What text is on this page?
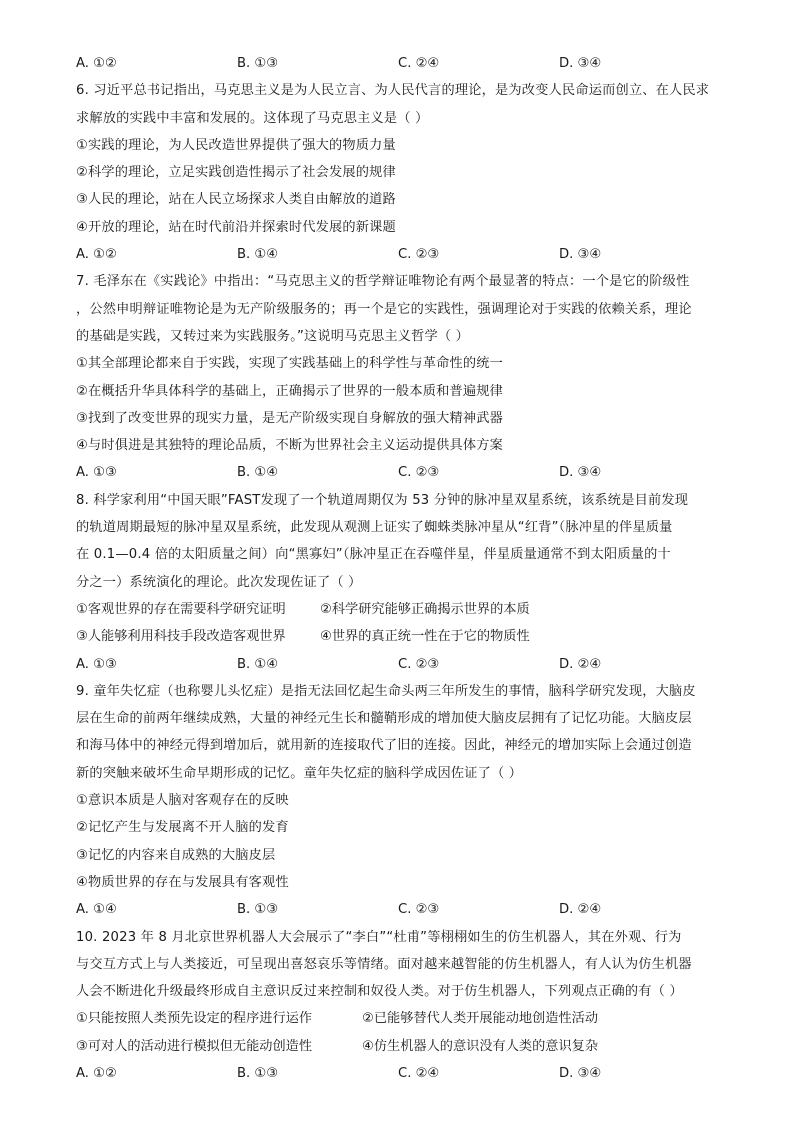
A. ①②	B. ①③	C. ②④	D. ③④
6. 习近平总书记指出，马克思主义是为人民立言、为人民代言的理论，是为改变人民命运而创立、在人民求
求解放的实践中丰富和发展的。这体现了马克思主义是（ ）
①实践的理论，为人民改造世界提供了强大的物质力量
②科学的理论，立足实践创造性揭示了社会发展的规律
③人民的理论，站在人民立场探求人类自由解放的道路
④开放的理论，站在时代前沿并探索时代发展的新课题
A. ①②	B. ①④	C. ②③	D. ③④
7. 毛泽东在《实践论》中指出：“马克思主义的哲学辩证唯物论有两个最显著的特点：一个是它的阶级性
，公然申明辩证唯物论是为无产阶级服务的；再一个是它的实践性，强调理论对于实践的依赖关系，理论
的基础是实践，又转过来为实践服务。”这说明马克思主义哲学（ ）
①其全部理论都来自于实践，实现了实践基础上的科学性与革命性的统一
②在概括升华具体科学的基础上，正确揭示了世界的一般本质和普遍规律
③找到了改变世界的现实力量，是无产阶级实现自身解放的强大精神武器
④与时俱进是其独特的理论品质，不断为世界社会主义运动提供具体方案
A. ①③	B. ①④	C. ②③	D. ③④
8. 科学家利用“中国天眼”FAST发现了一个轨道周期仅为 53 分钟的脉冲星双星系统，该系统是目前发现
的轨道周期最短的脉冲星双星系统，此发现从观测上证实了蜘蛛类脉冲星从“红背”（脉冲星的伴星质量
在 0.1—0.4 倍的太阳质量之间）向“黑寡妇”（脉冲星正在吞噬伴星，伴星质量通常不到太阳质量的十
分之一）系统演化的理论。此次发现佐证了（ ）
①客观世界的存在需要科学研究证明	②科学研究能够正确揭示世界的本质
③人能够利用科技手段改造客观世界	④世界的真正统一性在于它的物质性
A. ①③	B. ①④	C. ②③	D. ②④
9. 童年失忆症（也称婴儿头忆症）是指无法回忆起生命头两三年所发生的事情，脑科学研究发现，大脑皮
层在生命的前两年继续成熟，大量的神经元生长和髓鞘形成的增加使大脑皮层拥有了记忆功能。大脑皮层
和海马体中的神经元得到增加后，就用新的连接取代了旧的连接。因此，神经元的增加实际上会通过创造
新的突触来破坏生命早期形成的记忆。童年失忆症的脑科学成因佐证了（ ）
①意识本质是人脑对客观存在的反映
②记忆产生与发展离不开人脑的发育
③记忆的内容来自成熟的大脑皮层
④物质世界的存在与发展具有客观性
A. ①④	B. ①③	C. ②③	D. ②④
10. 2023 年 8 月北京世界机器人大会展示了“李白”“杜甫”等栩栩如生的仿生机器人，其在外观、行为
与交互方式上与人类接近，可呈现出喜怒哀乐等情绪。面对越来越智能的仿生机器人，有人认为仿生机器
人会不断进化升级最终形成自主意识反过来控制和奴役人类。对于仿生机器人，下列观点正确的有（ ）
①只能按照人类预先设定的程序进行运作	②已能够替代人类开展能动地创造性活动
③可对人的活动进行模拟但无能动创造性	④仿生机器人的意识没有人类的意识复杂
A. ①②	B. ①③	C. ②④	D. ③④
